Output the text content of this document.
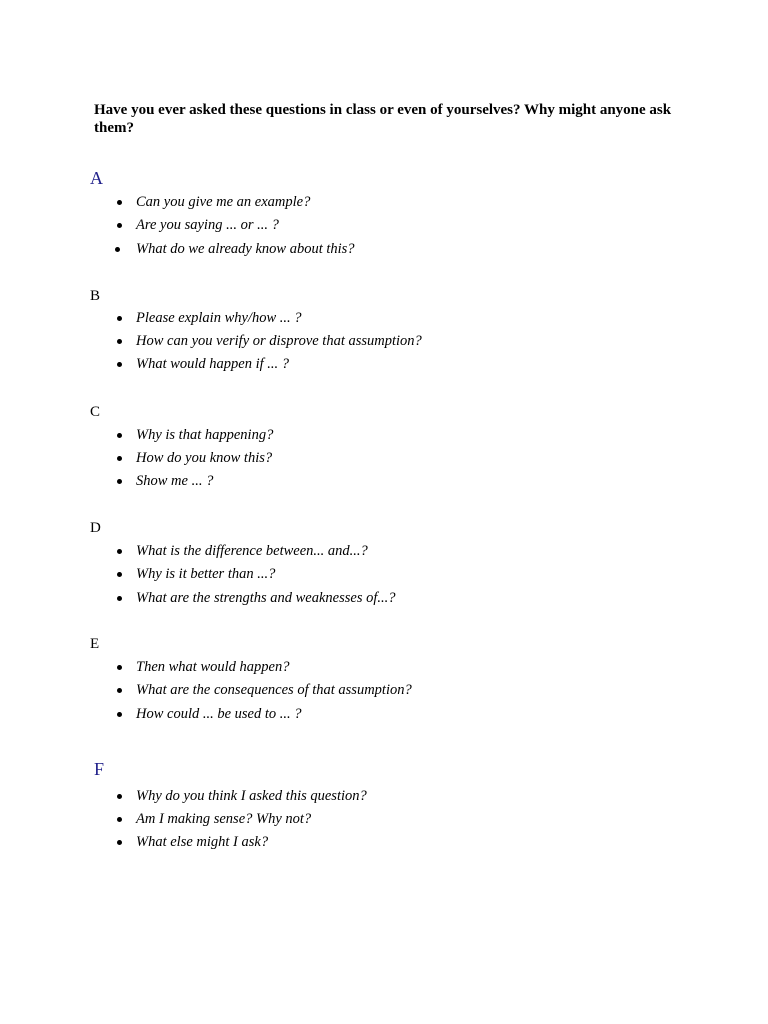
Have you ever asked these questions in class or even of yourselves? Why might anyone ask them?

A

Can you give me an example?
Are you saying ... or ... ?
What do we already know about this?

B

Please explain why/how ... ?
How can you verify or disprove that assumption?
What would happen if ... ?

C

Why is that happening?
How do you know this?
Show me ... ?

D

What is the difference between... and...?
Why is it better than ...?
What are the strengths and weaknesses of...?

E

Then what would happen?
What are the consequences of that assumption?
How could ... be used to ... ?

F

Why do you think I asked this question?
Am I making sense? Why not?
What else might I ask?
